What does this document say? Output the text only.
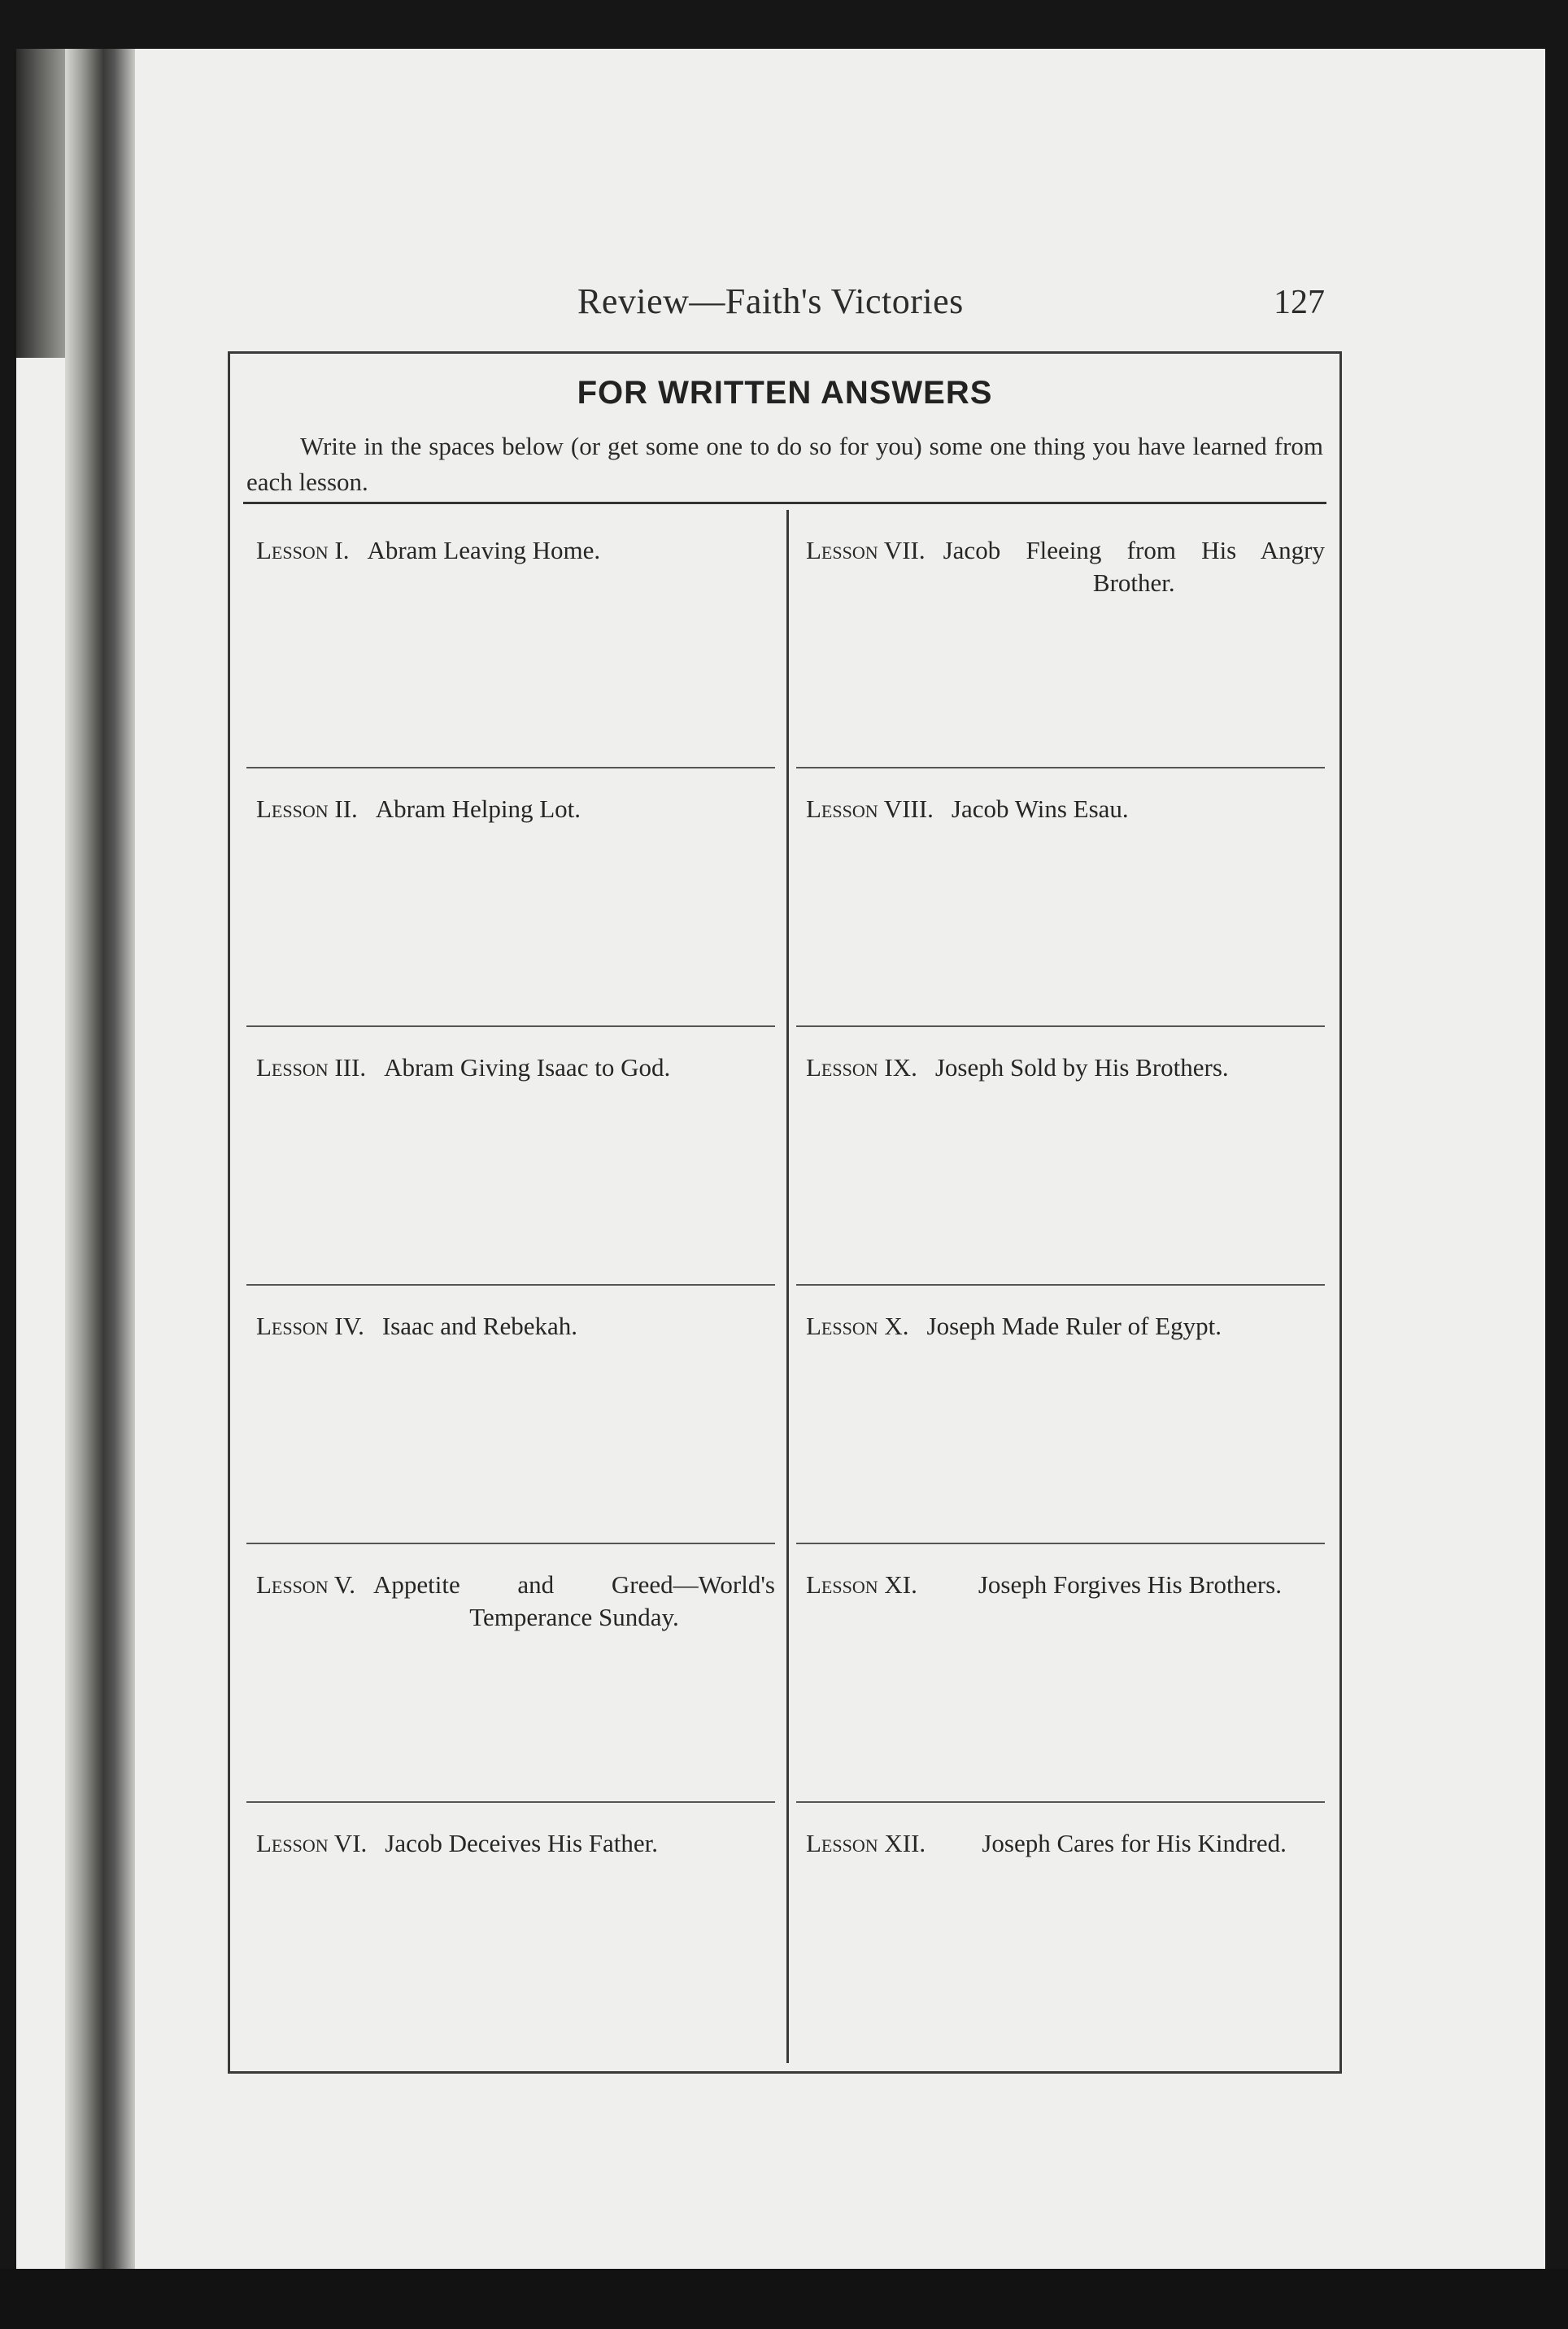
Review—Faith's Victories	127
FOR WRITTEN ANSWERS
Write in the spaces below (or get some one to do so for you) some one thing you have learned from each lesson.
Lesson I. Abram Leaving Home.
Lesson II. Abram Helping Lot.
Lesson III. Abram Giving Isaac to God.
Lesson IV. Isaac and Rebekah.
Lesson V. Appetite and Greed—World's Temperance Sunday.
Lesson VI. Jacob Deceives His Father.
Lesson VII. Jacob Fleeing from His Angry Brother.
Lesson VIII. Jacob Wins Esau.
Lesson IX. Joseph Sold by His Brothers.
Lesson X. Joseph Made Ruler of Egypt.
Lesson XI.	Joseph Forgives His Brothers.
Lesson XII.	Joseph Cares for His Kindred.
